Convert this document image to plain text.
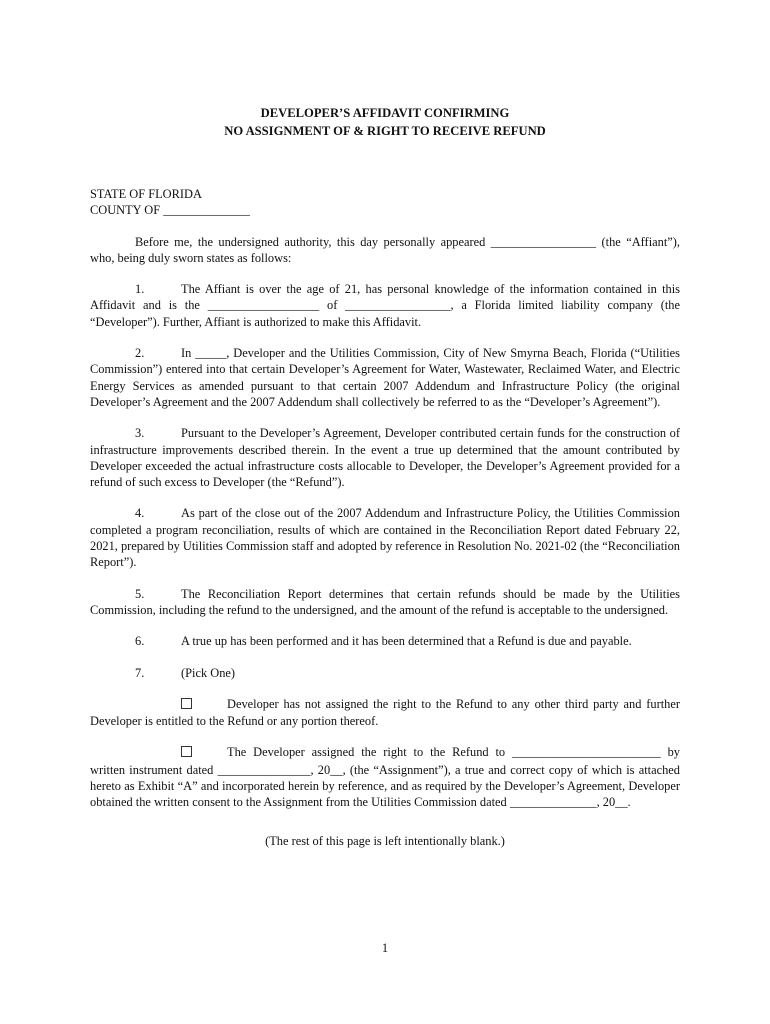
DEVELOPER’S AFFIDAVIT CONFIRMING
NO ASSIGNMENT OF & RIGHT TO RECEIVE REFUND
STATE OF FLORIDA
COUNTY OF ______________

Before me, the undersigned authority, this day personally appeared _________________ (the “Affiant”), who, being duly sworn states as follows:

1.	The Affiant is over the age of 21, has personal knowledge of the information contained in this Affidavit and is the __________________ of _________________, a Florida limited liability company (the “Developer”). Further, Affiant is authorized to make this Affidavit.

2.	In _____, Developer and the Utilities Commission, City of New Smyrna Beach, Florida (“Utilities Commission”) entered into that certain Developer’s Agreement for Water, Wastewater, Reclaimed Water, and Electric Energy Services as amended pursuant to that certain 2007 Addendum and Infrastructure Policy (the original Developer’s Agreement and the 2007 Addendum shall collectively be referred to as the “Developer’s Agreement”).

3.	Pursuant to the Developer’s Agreement, Developer contributed certain funds for the construction of infrastructure improvements described therein. In the event a true up determined that the amount contributed by Developer exceeded the actual infrastructure costs allocable to Developer, the Developer’s Agreement provided for a refund of such excess to Developer (the “Refund”).

4.	As part of the close out of the 2007 Addendum and Infrastructure Policy, the Utilities Commission completed a program reconciliation, results of which are contained in the Reconciliation Report dated February 22, 2021, prepared by Utilities Commission staff and adopted by reference in Resolution No. 2021-02 (the “Reconciliation Report”).

5.	The Reconciliation Report determines that certain refunds should be made by the Utilities Commission, including the refund to the undersigned, and the amount of the refund is acceptable to the undersigned.

6.	A true up has been performed and it has been determined that a Refund is due and payable.
7.	(Pick One)

Developer has not assigned the right to the Refund to any other third party and further Developer is entitled to the Refund or any portion thereof.

The Developer assigned the right to the Refund to ________________________ by written instrument dated _______________, 20__, (the “Assignment”), a true and correct copy of which is attached hereto as Exhibit “A” and incorporated herein by reference, and as required by the Developer’s Agreement, Developer obtained the written consent to the Assignment from the Utilities Commission dated ______________, 20__.

(The rest of this page is left intentionally blank.)
1
